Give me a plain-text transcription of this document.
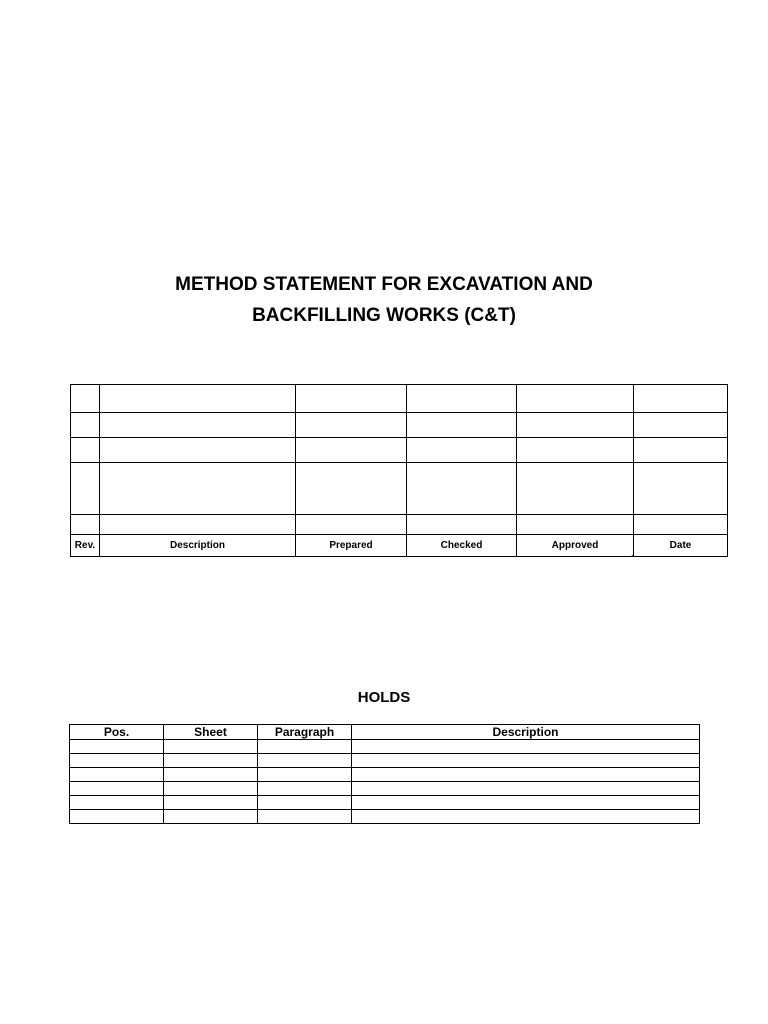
METHOD STATEMENT FOR EXCAVATION AND
BACKFILLING WORKS (C&T)

Rev.	Description	Prepared	Checked	Approved	Date
`
HOLDS
Pos.	Sheet	Paragraph	Description
